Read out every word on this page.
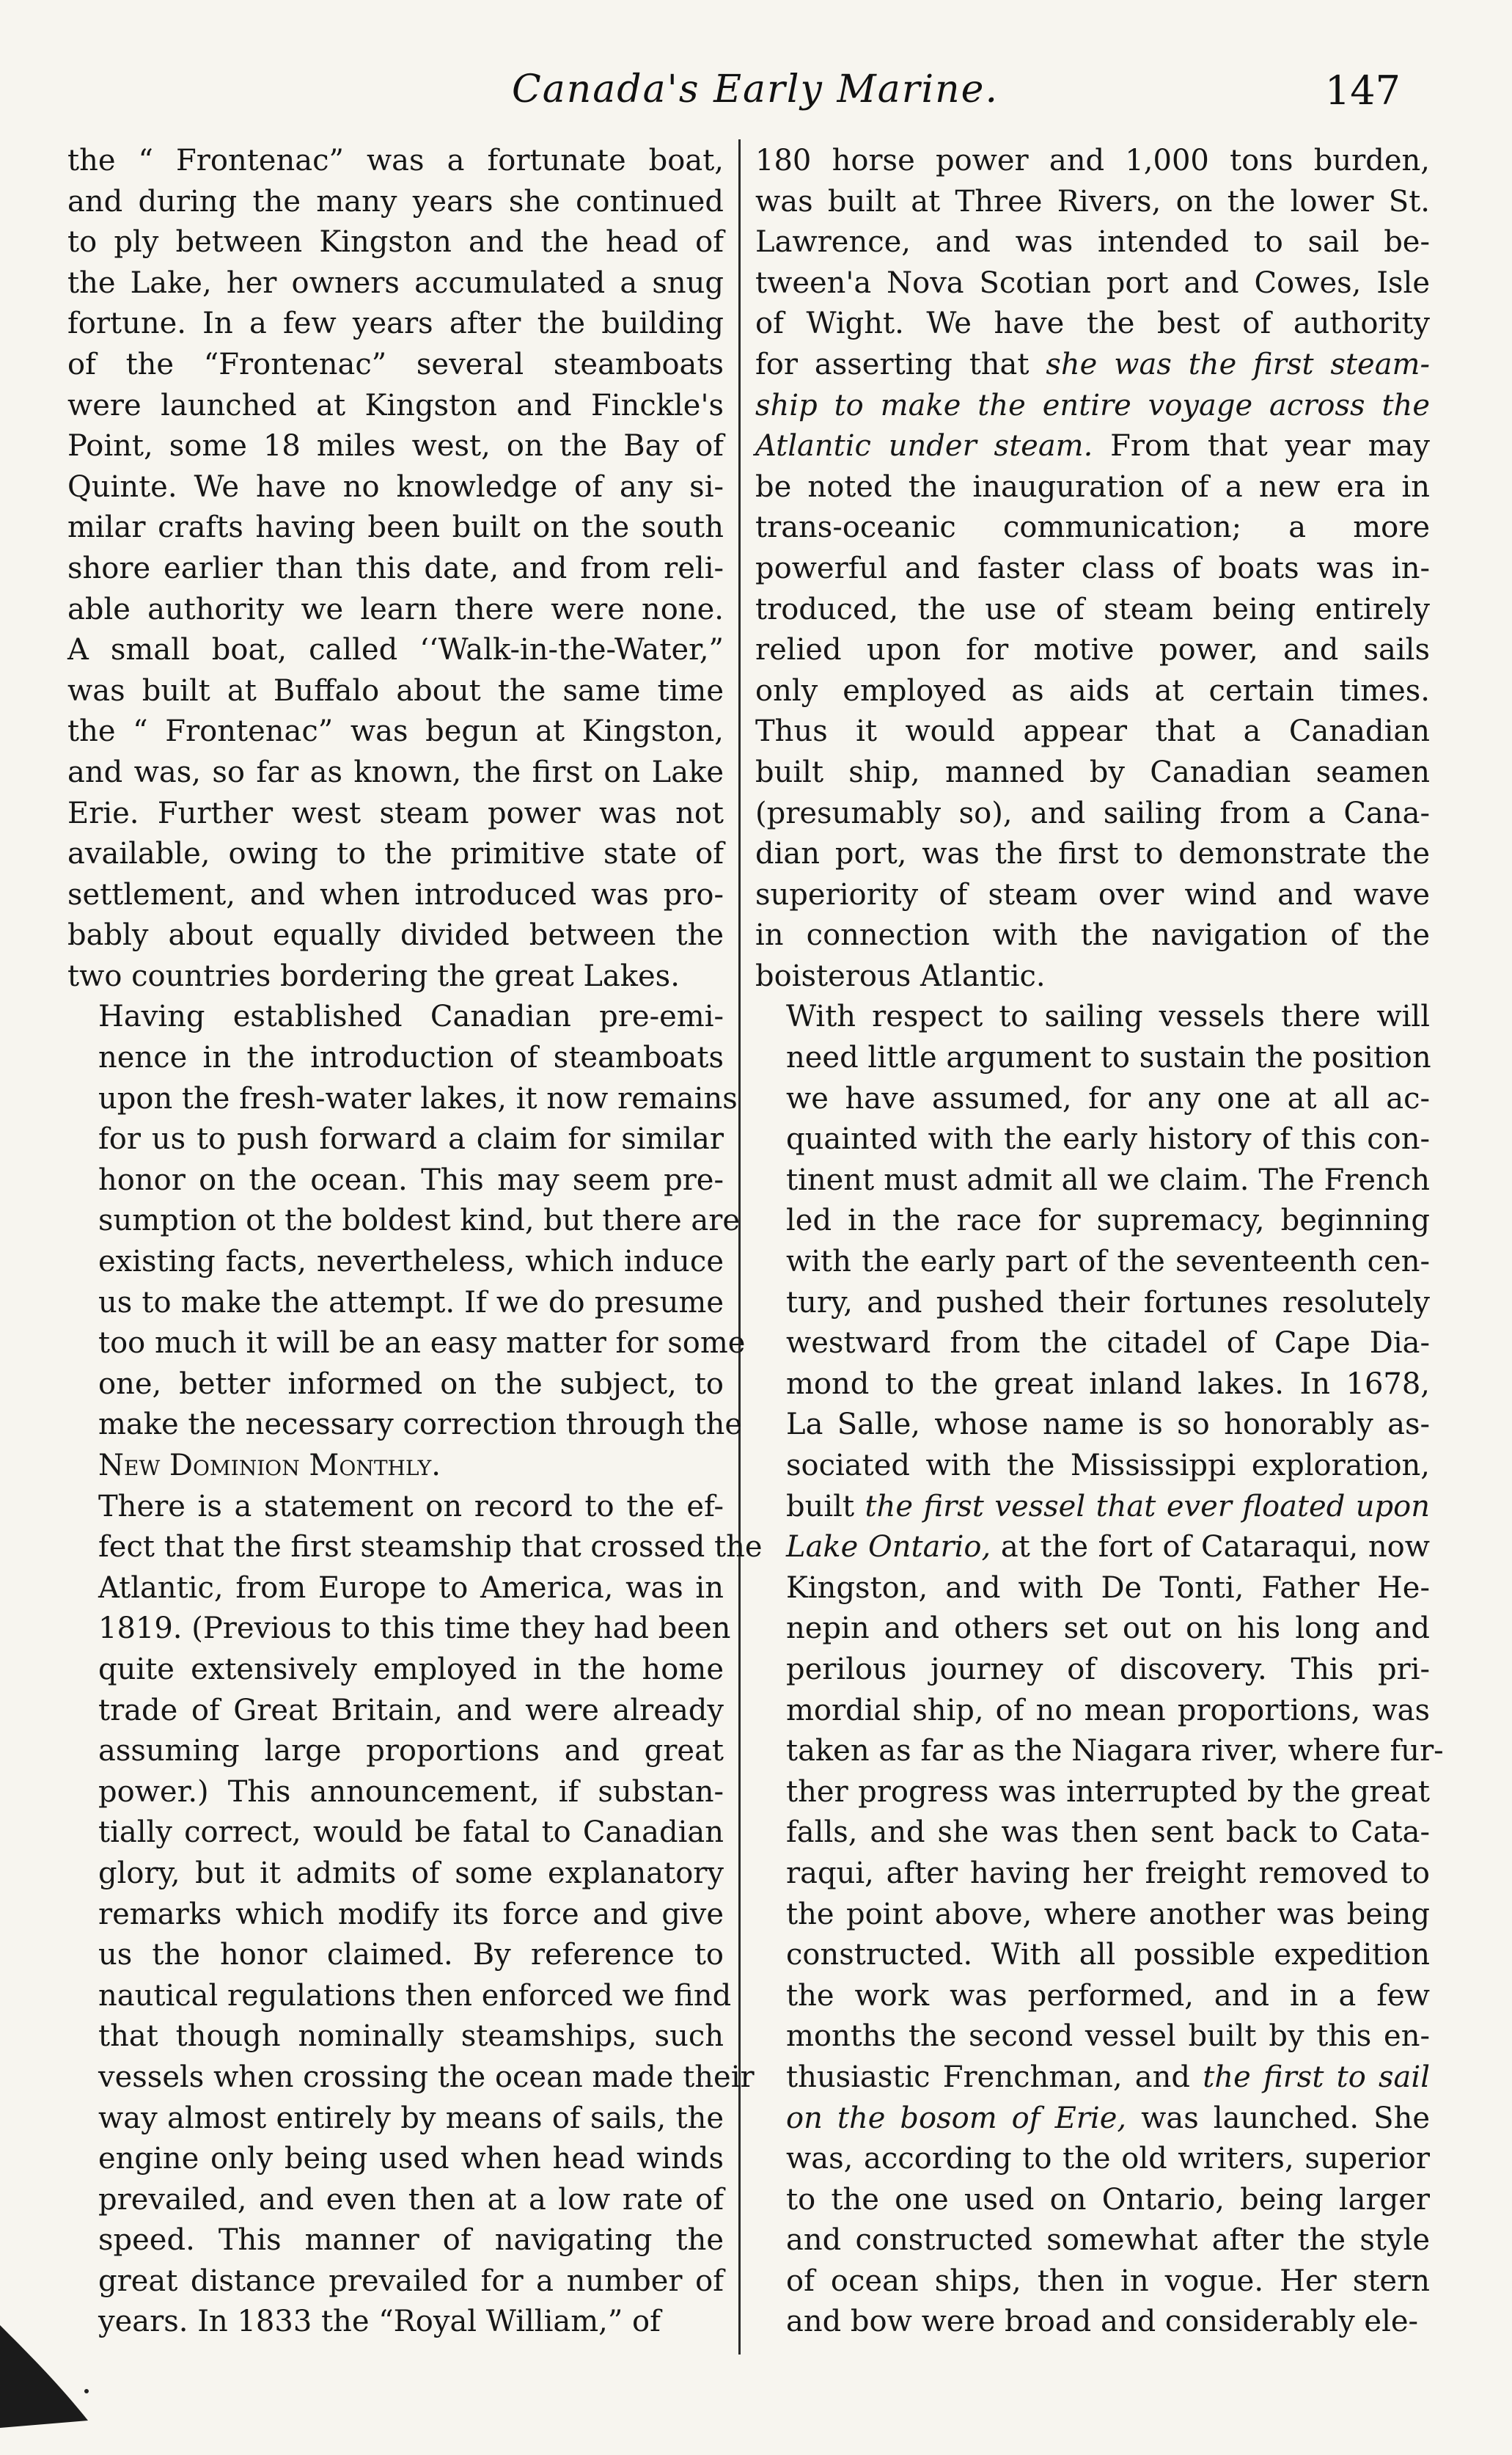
Canada's Early Marine.	147

the “ Frontenac” was a fortunate boat,
and during the many years she continued
to ply between Kingston and the head of
the Lake, her owners accumulated a snug
fortune. In a few years after the building
of the “Frontenac” several steamboats
were launched at Kingston and Finckle's
Point, some 18 miles west, on the Bay of
Quinte. We have no knowledge of any si-
milar crafts having been built on the south
shore earlier than this date, and from reli-
able authority we learn there were none.
A small boat, called ‘‘Walk-in-the-Water,”
was built at Buffalo about the same time
the “ Frontenac” was begun at Kingston,
and was, so far as known, the first on Lake
Erie. Further west steam power was not
available, owing to the primitive state of
settlement, and when introduced was pro-
bably about equally divided between the
two countries bordering the great Lakes.

Having established Canadian pre-emi-
nence in the introduction of steamboats
upon the fresh-water lakes, it now remains
for us to push forward a claim for similar
honor on the ocean. This may seem pre-
sumption ot the boldest kind, but there are
existing facts, nevertheless, which induce
us to make the attempt. If we do presume
too much it will be an easy matter for some
one, better informed on the subject, to
make the necessary correction through the
New Dominion Monthly.

There is a statement on record to the ef-
fect that the first steamship that crossed the
Atlantic, from Europe to America, was in
1819. (Previous to this time they had been
quite extensively employed in the home
trade of Great Britain, and were already
assuming large proportions and great
power.) This announcement, if substan-
tially correct, would be fatal to Canadian
glory, but it admits of some explanatory
remarks which modify its force and give
us the honor claimed. By reference to
nautical regulations then enforced we find
that though nominally steamships, such
vessels when crossing the ocean made their
way almost entirely by means of sails, the
engine only being used when head winds
prevailed, and even then at a low rate of
speed. This manner of navigating the
great distance prevailed for a number of
years. In 1833 the “Royal William,” of

180 horse power and 1,000 tons burden,
was built at Three Rivers, on the lower St.
Lawrence, and was intended to sail be-
tween'a Nova Scotian port and Cowes, Isle
of Wight. We have the best of authority
for asserting that she was the first steam-
ship to make the entire voyage across the
Atlantic under steam. From that year may
be noted the inauguration of a new era in
trans-oceanic communication; a more
powerful and faster class of boats was in-
troduced, the use of steam being entirely
relied upon for motive power, and sails
only employed as aids at certain times.
Thus it would appear that a Canadian
built ship, manned by Canadian seamen
(presumably so), and sailing from a Cana-
dian port, was the first to demonstrate the
superiority of steam over wind and wave
in connection with the navigation of the
boisterous Atlantic.

With respect to sailing vessels there will
need little argument to sustain the position
we have assumed, for any one at all ac-
quainted with the early history of this con-
tinent must admit all we claim. The French
led in the race for supremacy, beginning
with the early part of the seventeenth cen-
tury, and pushed their fortunes resolutely
westward from the citadel of Cape Dia-
mond to the great inland lakes. In 1678,
La Salle, whose name is so honorably as-
sociated with the Mississippi exploration,
built the first vessel that ever floated upon
Lake Ontario, at the fort of Cataraqui, now
Kingston, and with De Tonti, Father He-
nepin and others set out on his long and
perilous journey of discovery. This pri-
mordial ship, of no mean proportions, was
taken as far as the Niagara river, where fur-
ther progress was interrupted by the great
falls, and she was then sent back to Cata-
raqui, after having her freight removed to
the point above, where another was being
constructed. With all possible expedition
the work was performed, and in a few
months the second vessel built by this en-
thusiastic Frenchman, and the first to sail
on the bosom of Erie, was launched. She
was, according to the old writers, superior
to the one used on Ontario, being larger
and constructed somewhat after the style
of ocean ships, then in vogue. Her stern
and bow were broad and considerably ele-
